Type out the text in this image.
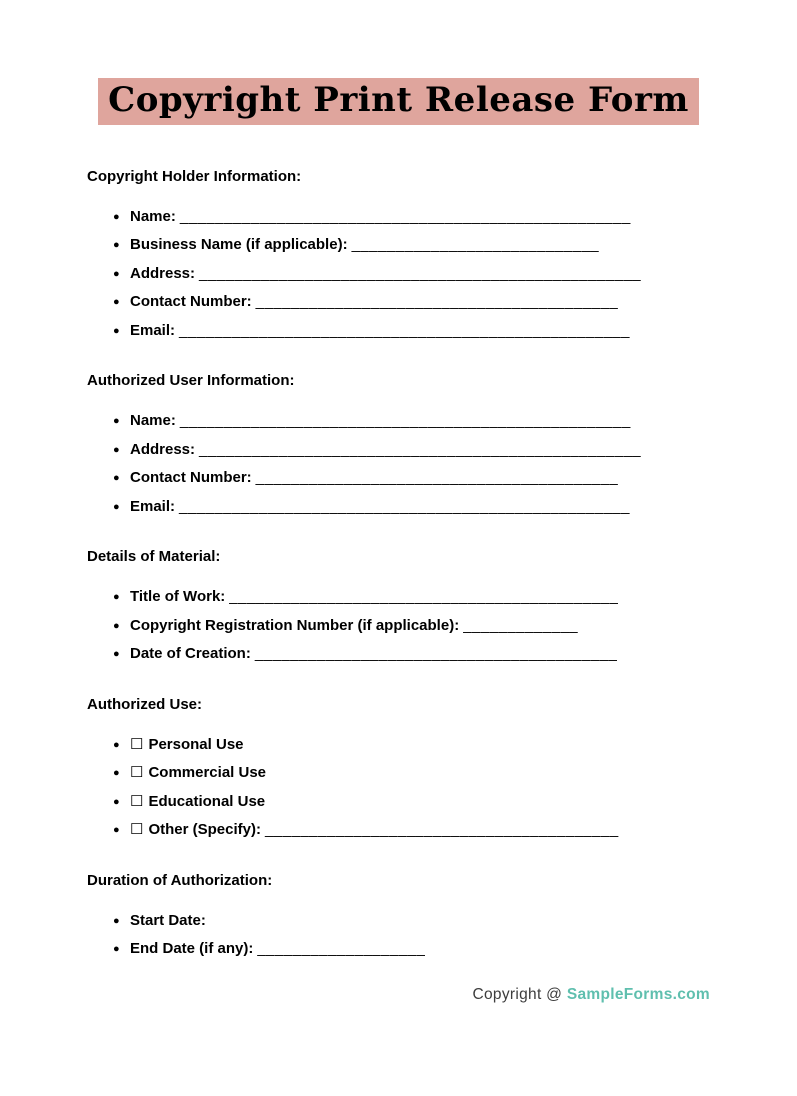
Copyright Print Release Form
Copyright Holder Information:
● Name: ___________________________________________________
● Business Name (if applicable): ____________________________
● Address: __________________________________________________
● Contact Number: _________________________________________
● Email: ___________________________________________________
Authorized User Information:
● Name: ___________________________________________________
● Address: __________________________________________________
● Contact Number: _________________________________________
● Email: ___________________________________________________
Details of Material:
● Title of Work: ____________________________________________
● Copyright Registration Number (if applicable): _____________
● Date of Creation: _________________________________________
Authorized Use:
● ☐ Personal Use
● ☐ Commercial Use
● ☐ Educational Use
● ☐ Other (Specify): ________________________________________
Duration of Authorization:
● Start Date:
● End Date (if any): ___________________
Copyright @ SampleForms.com
